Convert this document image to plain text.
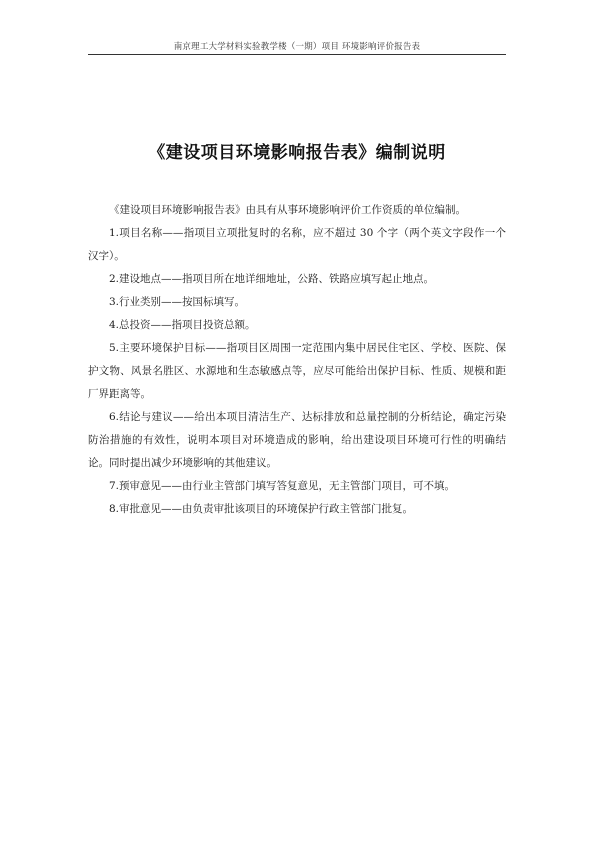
南京理工大学材料实验教学楼（一期）项目 环境影响评价报告表
《建设项目环境影响报告表》编制说明

《建设项目环境影响报告表》由具有从事环境影响评价工作资质的单位编制。

1.项目名称——指项目立项批复时的名称，应不超过 30 个字（两个英文字段作一个汉字）。

2.建设地点——指项目所在地详细地址，公路、铁路应填写起止地点。

3.行业类别——按国标填写。

4.总投资——指项目投资总额。

5.主要环境保护目标——指项目区周围一定范围内集中居民住宅区、学校、医院、保护文物、风景名胜区、水源地和生态敏感点等，应尽可能给出保护目标、性质、规模和距厂界距离等。

6.结论与建议——给出本项目清洁生产、达标排放和总量控制的分析结论，确定污染防治措施的有效性，说明本项目对环境造成的影响，给出建设项目环境可行性的明确结论。同时提出减少环境影响的其他建议。

7.预审意见——由行业主管部门填写答复意见，无主管部门项目，可不填。

8.审批意见——由负责审批该项目的环境保护行政主管部门批复。
